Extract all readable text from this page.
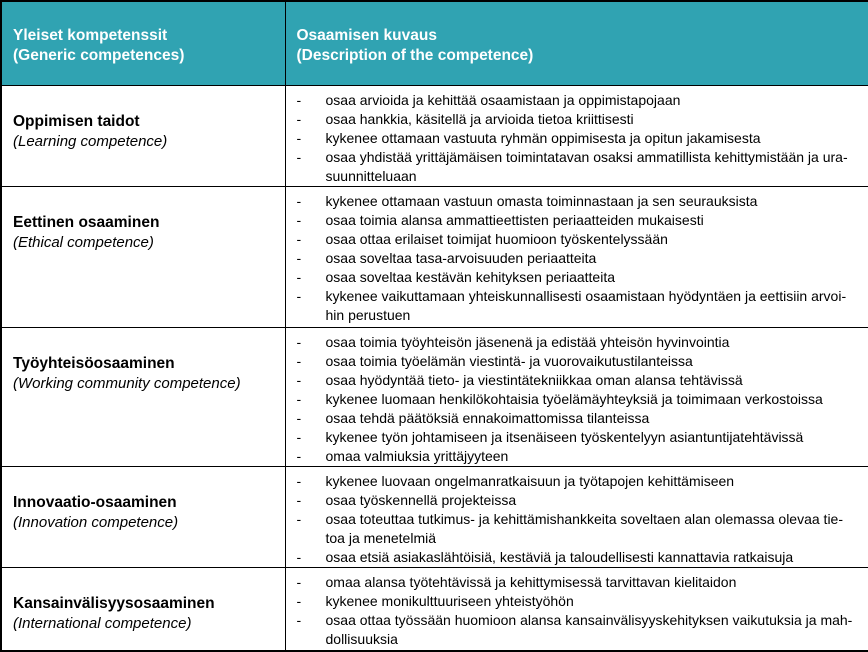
Yleiset kompetenssit
(Generic competences)

Osaamisen kuvaus
(Description of the competence)

Oppimisen taidot
(Learning competence)

-	osaa arvioida ja kehittää osaamistaan ja oppimistapojaan
-	osaa hankkia, käsitellä ja arvioida tietoa kriittisesti
-	kykenee ottamaan vastuuta ryhmän oppimisesta ja opitun jakamisesta
-	osaa yhdistää yrittäjämäisen toimintatavan osaksi ammatillista kehittymistään ja ura-suunnitteluaan

Eettinen osaaminen
(Ethical competence)

-	kykenee ottamaan vastuun omasta toiminnastaan ja sen seurauksista
-	osaa toimia alansa ammattieettisten periaatteiden mukaisesti
-	osaa ottaa erilaiset toimijat huomioon työskentelyssään
-	osaa soveltaa tasa-arvoisuuden periaatteita
-	osaa soveltaa kestävän kehityksen periaatteita
-	kykenee vaikuttamaan yhteiskunnallisesti osaamistaan hyödyntäen ja eettisiin arvoi-hin perustuen

Työyhteisöosaaminen
(Working community competence)

-	osaa toimia työyhteisön jäsenenä ja edistää yhteisön hyvinvointia
-	osaa toimia työelämän viestintä- ja vuorovaikutustilanteissa
-	osaa hyödyntää tieto- ja viestintätekniikkaa oman alansa tehtävissä
-	kykenee luomaan henkilökohtaisia työelämäyhteyksiä ja toimimaan verkostoissa
-	osaa tehdä päätöksiä ennakoimattomissa tilanteissa
-	kykenee työn johtamiseen ja itsenäiseen työskentelyyn asiantuntijatehtävissä
-	omaa valmiuksia yrittäjyyteen

Innovaatio-osaaminen
(Innovation competence)

-	kykenee luovaan ongelmanratkaisuun ja työtapojen kehittämiseen
-	osaa työskennellä projekteissa
-	osaa toteuttaa tutkimus- ja kehittämishankkeita soveltaen alan olemassa olevaa tie-toa ja menetelmiä
-	osaa etsiä asiakaslähtöisiä, kestäviä ja taloudellisesti kannattavia ratkaisuja

Kansainvälisyysosaaminen
(International competence)

-	omaa alansa työtehtävissä ja kehittymisessä tarvittavan kielitaidon
-	kykenee monikulttuuriseen yhteistyöhön
-	osaa ottaa työssään huomioon alansa kansainvälisyyskehityksen vaikutuksia ja mah-dollisuuksia
